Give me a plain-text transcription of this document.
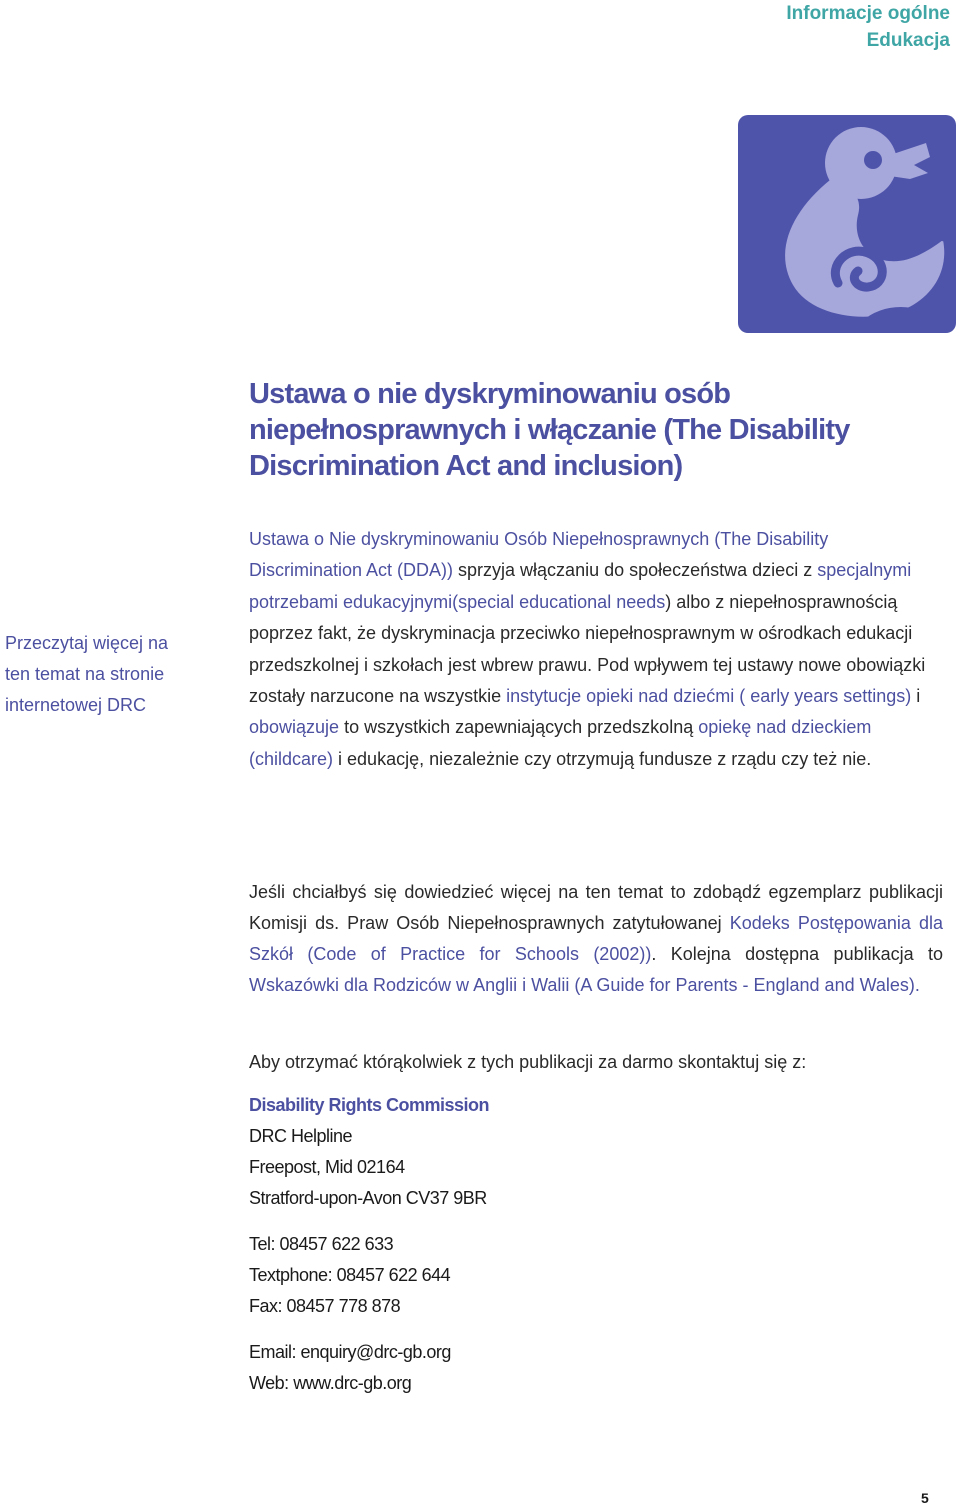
Informacje ogólne
Edukacja
Ustawa o nie dyskryminowaniu osób niepełnosprawnych i włączanie (The Disability Discrimination Act and inclusion)
Przeczytaj więcej na ten temat na stronie internetowej DRC
Ustawa o Nie dyskryminowaniu Osób Niepełnosprawnych (The Disability Discrimination Act (DDA)) sprzyja włączaniu do społeczeństwa dzieci z specjalnymi potrzebami edukacyjnymi(special educational needs) albo z niepełnosprawnością poprzez fakt, że dyskryminacja przeciwko niepełnosprawnym w ośrodkach edukacji przedszkolnej i szkołach jest wbrew prawu. Pod wpływem tej ustawy nowe obowiązki zostały narzucone na wszystkie instytucje opieki nad dziećmi ( early years settings) i obowiązuje to wszystkich zapewniających przedszkolną opiekę nad dzieckiem (childcare) i edukację, niezależnie czy otrzymują fundusze z rządu czy też nie.
Jeśli chciałbyś się dowiedzieć więcej na ten temat to zdobądź egzemplarz publikacji Komisji ds. Praw Osób Niepełnosprawnych zatytułowanej Kodeks Postępowania dla Szkół (Code of Practice for Schools (2002)). Kolejna dostępna publikacja to Wskazówki dla Rodziców w Anglii i Walii (A Guide for Parents - England and Wales).
Aby otrzymać którąkolwiek z tych publikacji za darmo skontaktuj się z:
Disability Rights Commission
DRC Helpline
Freepost, Mid 02164
Stratford-upon-Avon CV37 9BR
Tel: 08457 622 633
Textphone: 08457 622 644
Fax: 08457 778 878
Email: enquiry@drc-gb.org
Web: www.drc-gb.org
5
